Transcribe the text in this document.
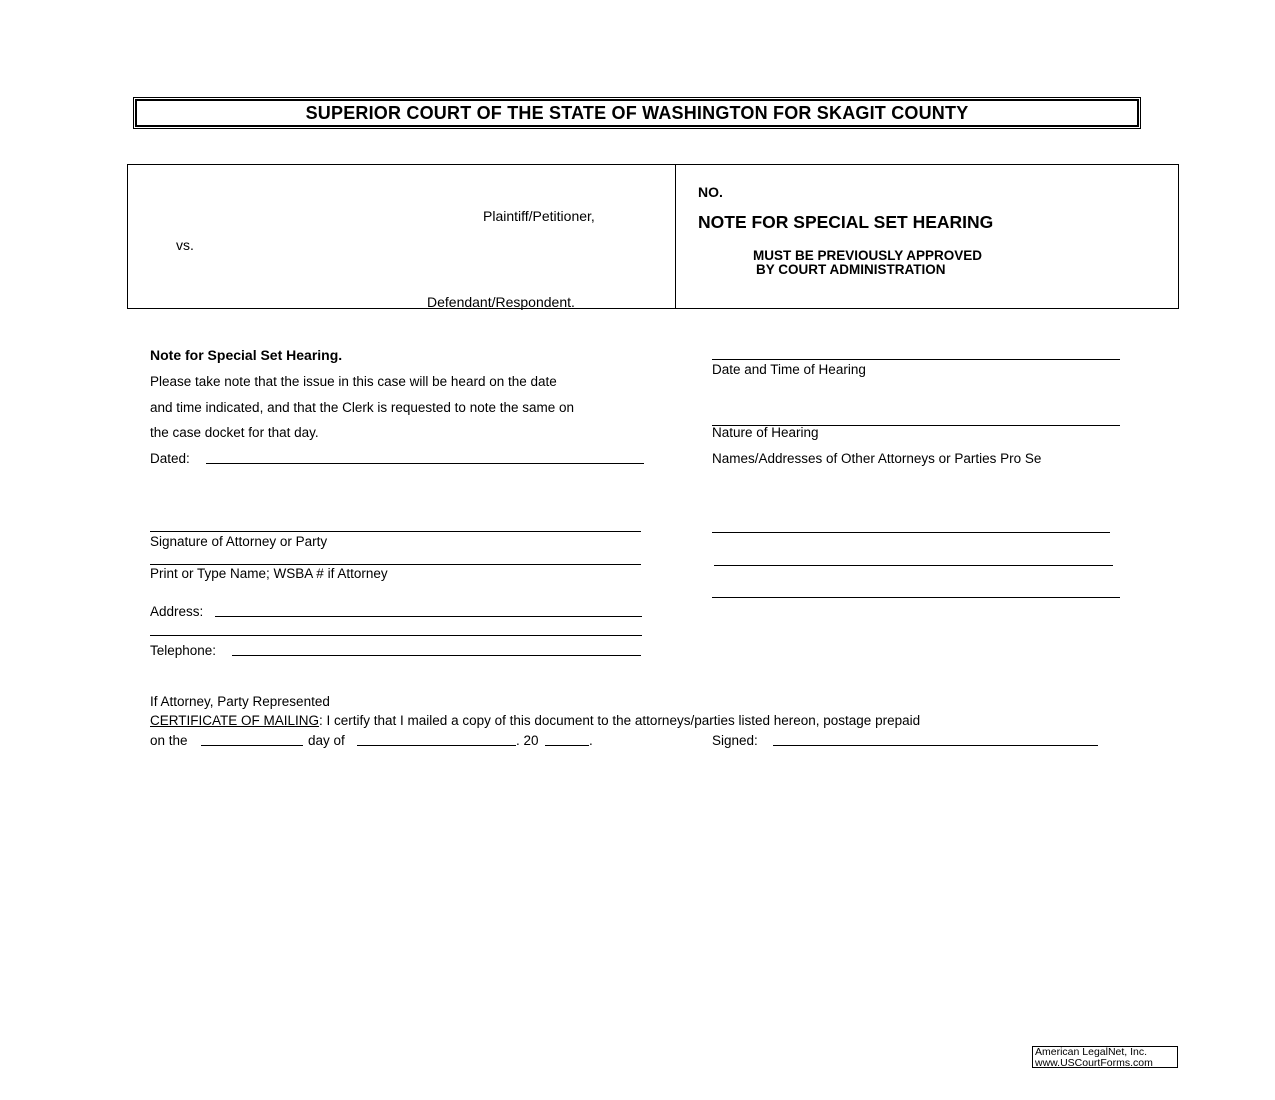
SUPERIOR COURT OF THE STATE OF WASHINGTON FOR SKAGIT COUNTY
Plaintiff/Petitioner,
vs.
Defendant/Respondent.
NO.
NOTE FOR SPECIAL SET HEARING
MUST BE PREVIOUSLY APPROVED
BY COURT ADMINISTRATION
Note for Special Set Hearing.
Please take note that the issue in this case will be heard on the date
and time indicated, and that the Clerk is requested to note the same on
the case docket for that day.
Dated:
Signature of Attorney or Party
Print or Type Name; WSBA # if Attorney
Address:
Telephone:
If Attorney, Party Represented
Date and Time of Hearing
Nature of Hearing
Names/Addresses of Other Attorneys or Parties Pro Se
CERTIFICATE OF MAILING: I certify that I mailed a copy of this document to the attorneys/parties listed hereon, postage prepaid
on the	day of	. 20	.	Signed:
American LegalNet, Inc.
www.USCourtForms.com
